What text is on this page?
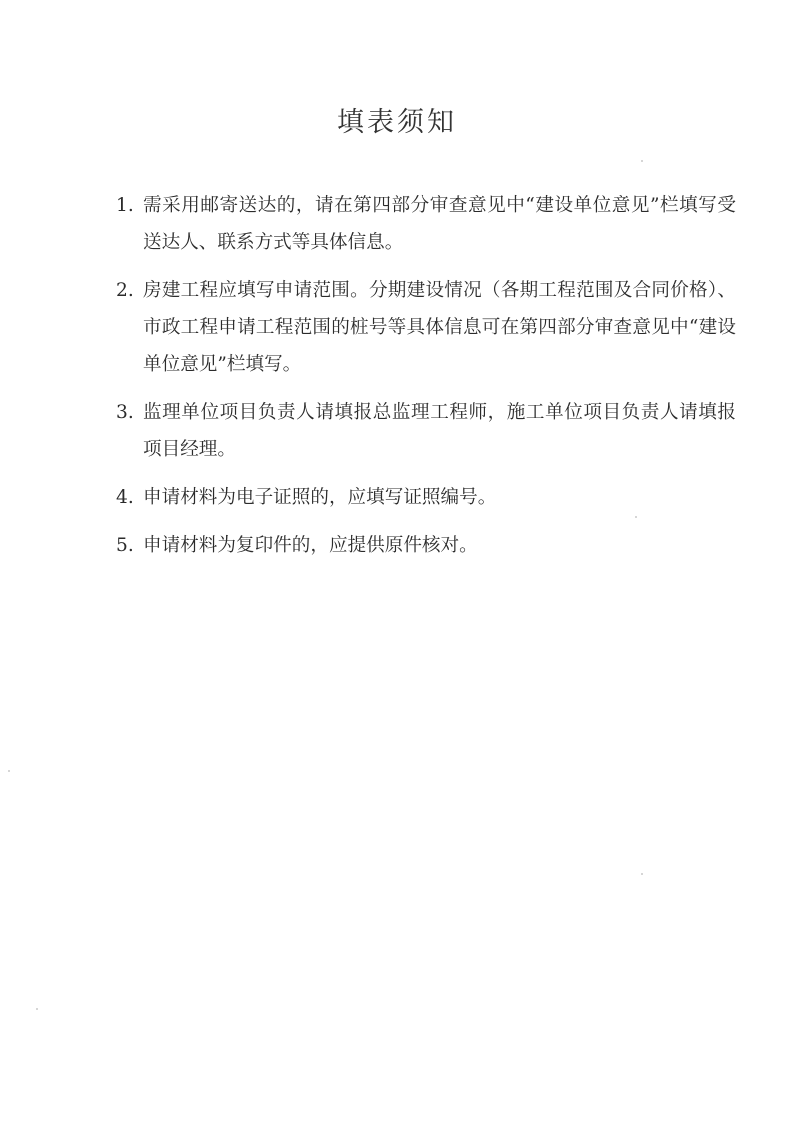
填表须知
1. 需采用邮寄送达的，请在第四部分审查意见中“建设单位意见”栏填写受送达人、联系方式等具体信息。
2. 房建工程应填写申请范围。分期建设情况（各期工程范围及合同价格）、市政工程申请工程范围的桩号等具体信息可在第四部分审查意见中“建设单位意见”栏填写。
3. 监理单位项目负责人请填报总监理工程师，施工单位项目负责人请填报项目经理。
4. 申请材料为电子证照的，应填写证照编号。
5. 申请材料为复印件的，应提供原件核对。
